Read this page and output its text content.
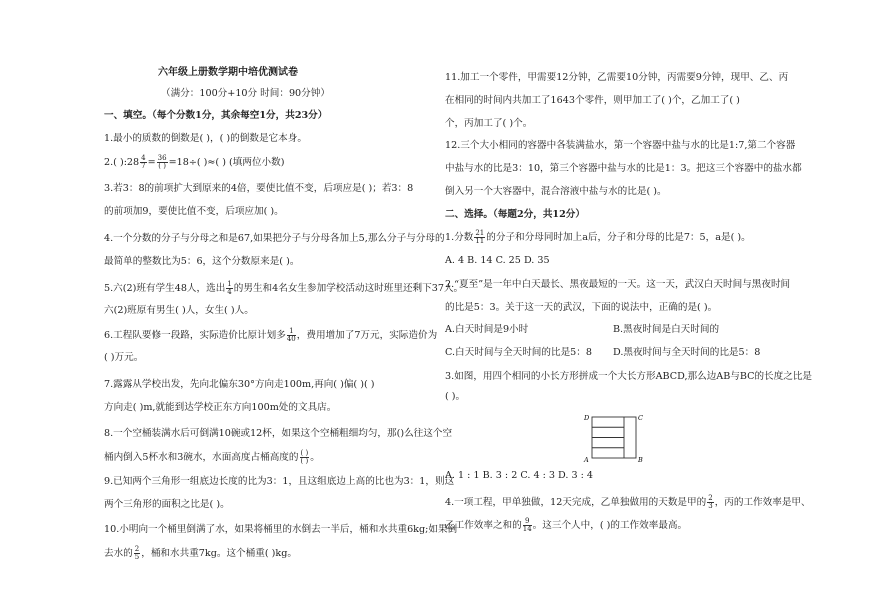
六年级上册数学期中培优测试卷
（满分：100分+10分 时间：90分钟）
一、填空。（每个分数1分，其余每空1分，共23分）
1.最小的质数的倒数是( )，( )的倒数是它本身。
2.( ):28 $\frac{4}{7} = \frac{36}{( )} =18\div$( )≈( ) (填两位小数)
3.若3：8的前项扩大到原来的4倍，要使比值不变，后项应是( )；若3：8
的前项加9，要使比值不变，后项应加( )。
4.一个分数的分子与分母之和是67,如果把分子与分母各加上5,那么分子与分母的
最简单的整数比为5：6，这个分数原来是( )。
5.六(2)班有学生48人，选出 $\frac{1}{4}$ 的男生和4名女生参加学校活动这时班里还剩下37人。
六(2)班原有男生( )人，女生( )人。
6.工程队要修一段路，实际造价比原计划多 $\frac{1}{40}$ ，费用增加了7万元，实际造价为
( )万元。
7.露露从学校出发，先向北偏东30°方向走100m,再向( )偏( )( )
方向走( )m,就能到达学校正东方向100m处的文具店。
8.一个空桶装满水后可倒满10碗或12杯，如果这个空桶粗细均匀，那()么往这个空
桶内倒入5杯水和3碗水，水面高度占桶高度的 $\frac{( )}{( )}$ 。
9.已知两个三角形一组底边长度的比为3：1，且这组底边上高的比也为3：1，则这
两个三角形的面积之比是( )。
10.小明向一个桶里倒满了水，如果将桶里的水倒去一半后，桶和水共重6kg;如果倒
去水的 $\frac{2}{5}$ ，桶和水共重7kg。这个桶重( )kg。
11.加工一个零件，甲需要12分钟，乙需要10分钟，丙需要9分钟，现甲、乙、丙
在相同的时间内共加工了1643个零件，则甲加工了( )个，乙加工了( )
个，丙加工了( )个。
12.三个大小相同的容器中各装满盐水，第一个容器中盐与水的比是1:7,第二个容器
中盐与水的比是3：10，第三个容器中盐与水的比是1：3。把这三个容器中的盐水都
倒入另一个大容器中，混合溶液中盐与水的比是( )。
二、选择。（每题2分，共12分）
1.分数 $\frac{21}{11}$ 的分子和分母同时加上a后，分子和分母的比是7：5，a是( )。
A. 4 B. 14 C. 25 D. 35
2.“夏至”是一年中白天最长、黑夜最短的一天。这一天，武汉白天时间与黑夜时间
的比是5：3。关于这一天的武汉，下面的说法中，正确的是( )。
A.白天时间是9小时	B.黑夜时间是白天时间的
C.白天时间与全天时间的比是5：8 D.黑夜时间与全天时间的比是5：8
3.如图，用四个相同的小长方形拼成一个大长方形ABCD,那么边AB与BC的长度之比是
( )。
A. 1 : 1 B. 3 : 2 C. 4 : 3 D. 3 : 4
4.一项工程，甲单独做，12天完成，乙单独做用的天数是甲的 $\frac{2}{3}$ ，丙的工作效率是甲、
乙工作效率之和的 $\frac{9}{14}$ 。这三个人中，( )的工作效率最高。
D
A
C
B
